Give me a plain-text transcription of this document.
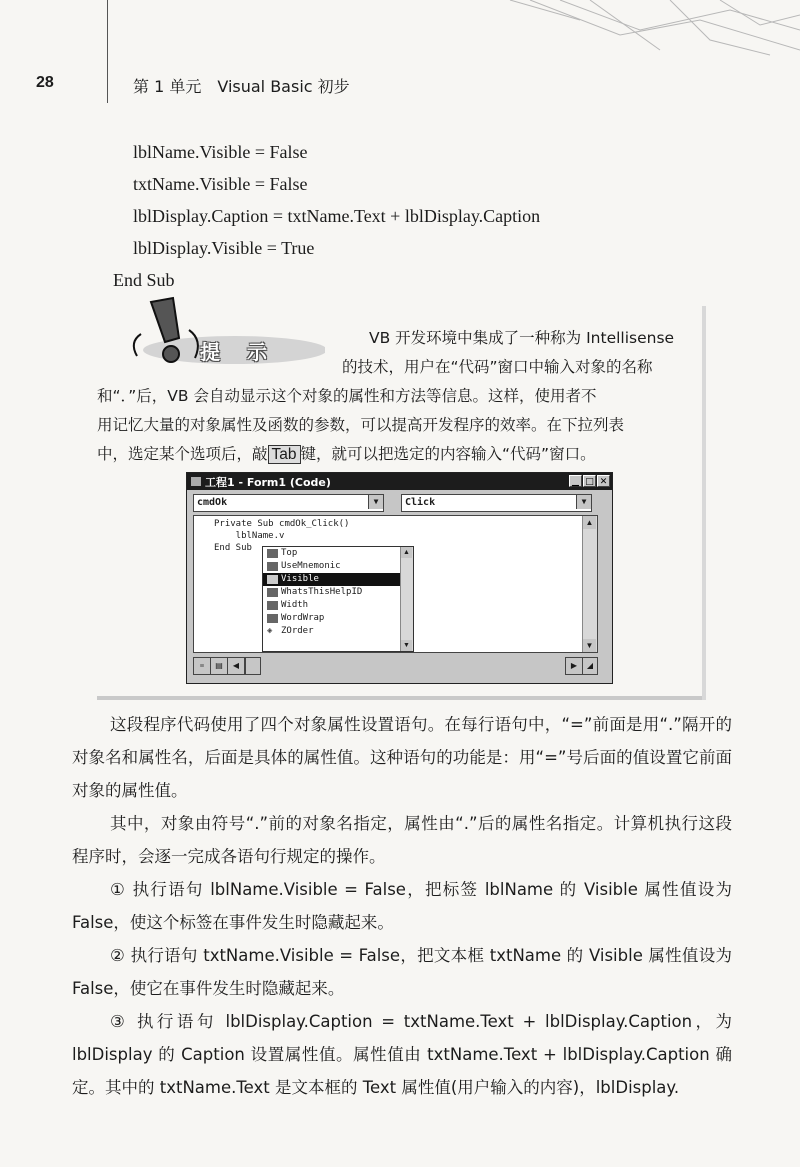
28	第 1 单元　Visual Basic 初步
lblName.Visible = False
txtName.Visible = False
lblDisplay.Caption = txtName.Text + lblDisplay.Caption
lblDisplay.Visible = True
End Sub
提 示
VB 开发环境中集成了一种称为 Intellisense
的技术，用户在“代码”窗口中输入对象的名称
和“．”后，VB 会自动显示这个对象的属性和方法等信息。这样，使用者不
用记忆大量的对象属性及函数的参数，可以提高开发程序的效率。在下拉列表
中，选定某个选项后，敲 Tab 键，就可以把选定的内容输入“代码”窗口。
工程1 - Form1 (Code)	▁ □ ✕
cmdOk	▼	Click	▼
Private Sub cmdOk_Click()
lblName.v
End Sub	Top
UseMnemonic
Visible
WhatsThisHelpID
Width
WordWrap
◈ ZOrder
▲
▼
▲
▼
≡	▤	◀	▶	◢
这段程序代码使用了四个对象属性设置语句。在每行语句中，“=”前面是用“.”隔开的对象名和属性名，后面是具体的属性值。这种语句的功能是：用“=”号后面的值设置它前面对象的属性值。
其中，对象由符号“.”前的对象名指定，属性由“.”后的属性名指定。计算机执行这段程序时，会逐一完成各语句行规定的操作。
① 执行语句 lblName.Visible = False，把标签 lblName 的 Visible 属性值设为 False，使这个标签在事件发生时隐藏起来。
② 执行语句 txtName.Visible = False，把文本框 txtName 的 Visible 属性值设为 False，使它在事件发生时隐藏起来。
③ 执行语句 lblDisplay.Caption = txtName.Text + lblDisplay.Caption，为 lblDisplay 的 Caption 设置属性值。属性值由 txtName.Text + lblDisplay.Caption 确定。其中的 txtName.Text 是文本框的 Text 属性值(用户输入的内容)，lblDisplay.
